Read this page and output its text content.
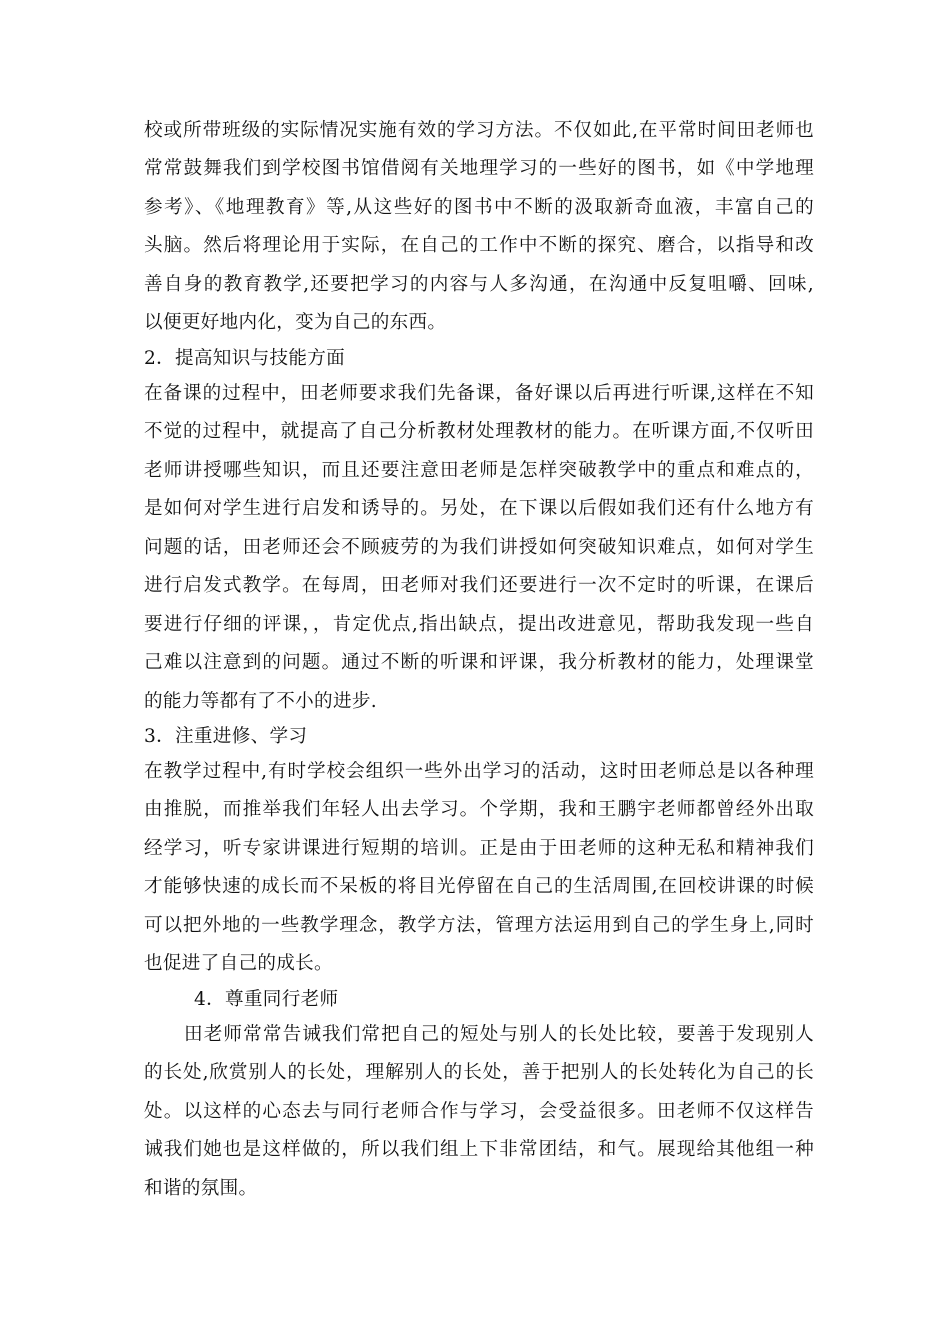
校或所带班级的实际情况实施有效的学习方法。不仅如此,在平常时间田老师也
常常鼓舞我们到学校图书馆借阅有关地理学习的一些好的图书，如《中学地理
参考》、《地理教育》等,从这些好的图书中不断的汲取新奇血液，丰富自己的
头脑。然后将理论用于实际，在自己的工作中不断的探究、磨合，以指导和改
善自身的教育教学,还要把学习的内容与人多沟通，在沟通中反复咀嚼、回味,
以便更好地内化，变为自己的东西。
2．提高知识与技能方面
在备课的过程中，田老师要求我们先备课，备好课以后再进行听课,这样在不知
不觉的过程中，就提高了自己分析教材处理教材的能力。在听课方面,不仅听田
老师讲授哪些知识，而且还要注意田老师是怎样突破教学中的重点和难点的，
是如何对学生进行启发和诱导的。另处，在下课以后假如我们还有什么地方有
问题的话，田老师还会不顾疲劳的为我们讲授如何突破知识难点，如何对学生
进行启发式教学。在每周，田老师对我们还要进行一次不定时的听课，在课后
要进行仔细的评课，，肯定优点,指出缺点，提出改进意见，帮助我发现一些自
己难以注意到的问题。通过不断的听课和评课，我分析教材的能力，处理课堂
的能力等都有了不小的进步.
3．注重进修、学习
在教学过程中,有时学校会组织一些外出学习的活动，这时田老师总是以各种理
由推脱，而推举我们年轻人出去学习。个学期，我和王鹏宇老师都曾经外出取
经学习，听专家讲课进行短期的培训。正是由于田老师的这种无私和精神我们
才能够快速的成长而不呆板的将目光停留在自己的生活周围,在回校讲课的时候
可以把外地的一些教学理念，教学方法，管理方法运用到自己的学生身上,同时
也促进了自己的成长。
4．尊重同行老师
田老师常常告诫我们常把自己的短处与别人的长处比较，要善于发现别人
的长处,欣赏别人的长处，理解别人的长处，善于把别人的长处转化为自己的长
处。以这样的心态去与同行老师合作与学习，会受益很多。田老师不仅这样告
诫我们她也是这样做的，所以我们组上下非常团结，和气。展现给其他组一种
和谐的氛围。
